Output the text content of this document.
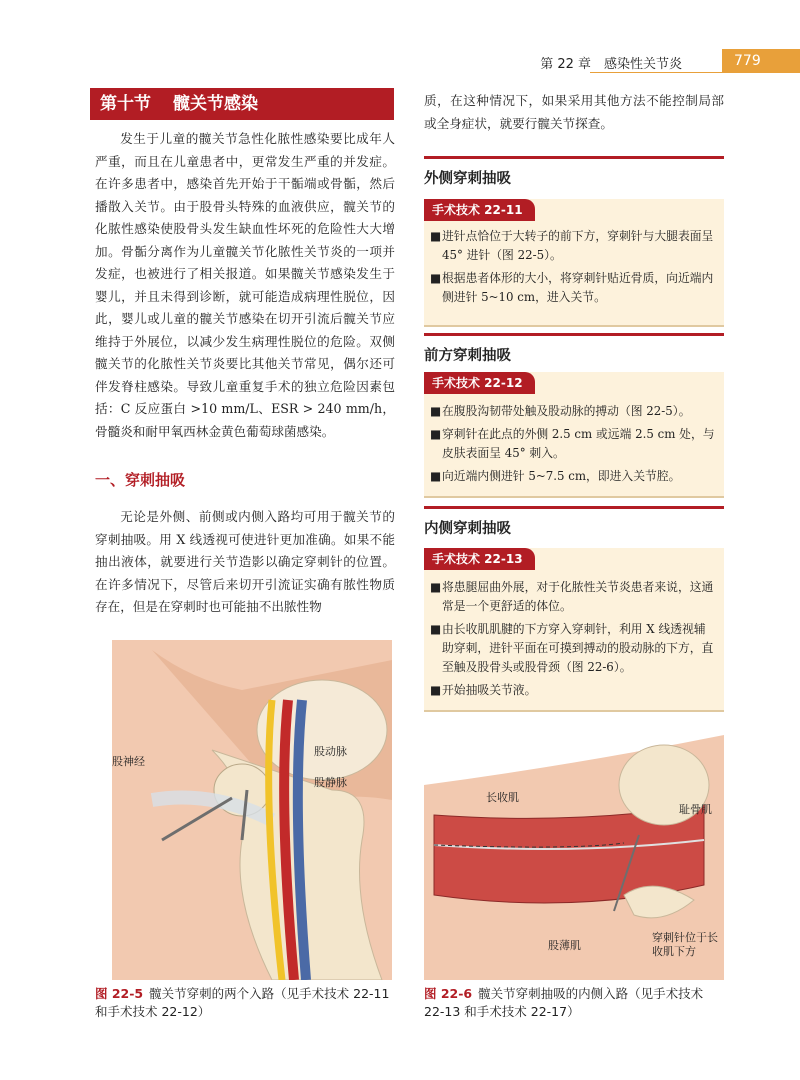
第 22 章　感染性关节炎	779
第十节 髋关节感染
发生于儿童的髋关节急性化脓性感染要比成年人严重，而且在儿童患者中，更常发生严重的并发症。在许多患者中，感染首先开始于干骺端或骨骺，然后播散入关节。由于股骨头特殊的血液供应，髋关节的化脓性感染使股骨头发生缺血性坏死的危险性大大增加。骨骺分离作为儿童髋关节化脓性关节炎的一项并发症，也被进行了相关报道。如果髋关节感染发生于婴儿，并且未得到诊断，就可能造成病理性脱位，因此，婴儿或儿童的髋关节感染在切开引流后髋关节应维持于外展位，以减少发生病理性脱位的危险。双侧髋关节的化脓性关节炎要比其他关节常见，偶尔还可伴发脊柱感染。导致儿童重复手术的独立危险因素包括：C 反应蛋白 >10 mm/L、ESR > 240 mm/h，骨髓炎和耐甲氧西林金黄色葡萄球菌感染。
一、穿刺抽吸
无论是外侧、前侧或内侧入路均可用于髋关节的穿刺抽吸。用 X 线透视可使进针更加准确。如果不能抽出液体，就要进行关节造影以确定穿刺针的位置。在许多情况下，尽管后来切开引流证实确有脓性物质存在，但是在穿刺时也可能抽不出脓性物
质，在这种情况下，如果采用其他方法不能控制局部或全身症状，就要行髋关节探查。
外侧穿刺抽吸
手术技术 22-11
■ 进针点恰位于大转子的前下方，穿刺针与大腿表面呈 45° 进针（图 22-5）。
■ 根据患者体形的大小，将穿刺针贴近骨质，向近端内侧进针 5~10 cm，进入关节。
前方穿刺抽吸
手术技术 22-12
■ 在腹股沟韧带处触及股动脉的搏动（图 22-5）。
■ 穿刺针在此点的外侧 2.5 cm 或远端 2.5 cm 处，与皮肤表面呈 45° 刺入。
■ 向近端内侧进针 5~7.5 cm，即进入关节腔。
内侧穿刺抽吸
手术技术 22-13
■ 将患腿屈曲外展，对于化脓性关节炎患者来说，这通常是一个更舒适的体位。
■ 由长收肌肌腱的下方穿入穿刺针，利用 X 线透视辅助穿刺，进针平面在可摸到搏动的股动脉的下方，直至触及股骨头或股骨颈（图 22-6）。
■ 开始抽吸关节液。
股神经
股动脉
股静脉
图 22-5 髋关节穿刺的两个入路（见手术技术 22-11 和手术技术 22-12）
长收肌
耻骨肌
股薄肌
穿刺针位于长收肌下方
图 22-6 髋关节穿刺抽吸的内侧入路（见手术技术 22-13 和手术技术 22-17）
